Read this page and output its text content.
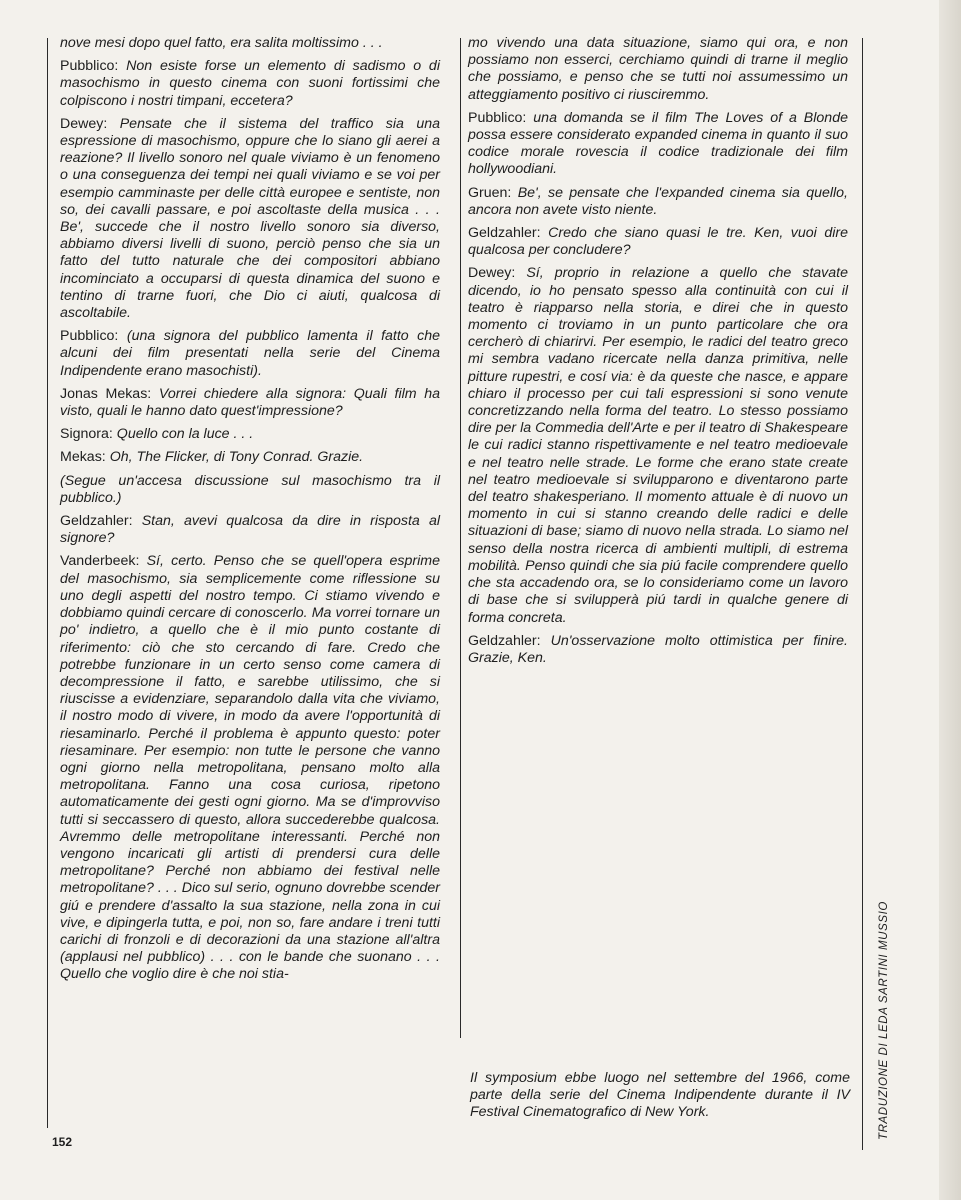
nove mesi dopo quel fatto, era salita moltissimo . . .

Pubblico: Non esiste forse un elemento di sadismo o di masochismo in questo cinema con suoni fortissimi che colpiscono i nostri timpani, eccetera?

Dewey: Pensate che il sistema del traffico sia una espressione di masochismo, oppure che lo siano gli aerei a reazione? Il livello sonoro nel quale viviamo è un fenomeno o una conseguenza dei tempi nei quali viviamo e se voi per esempio camminaste per delle città europee e sentiste, non so, dei cavalli passare, e poi ascoltaste della musica . . . Be', succede che il nostro livello sonoro sia diverso, abbiamo diversi livelli di suono, perciò penso che sia un fatto del tutto naturale che dei compositori abbiano incominciato a occuparsi di questa dinamica del suono e tentino di trarne fuori, che Dio ci aiuti, qualcosa di ascoltabile.

Pubblico: (una signora del pubblico lamenta il fatto che alcuni dei film presentati nella serie del Cinema Indipendente erano masochisti).

Jonas Mekas: Vorrei chiedere alla signora: Quali film ha visto, quali le hanno dato quest'impressione?

Signora: Quello con la luce . . .

Mekas: Oh, The Flicker, di Tony Conrad. Grazie.

(Segue un'accesa discussione sul masochismo tra il pubblico.)

Geldzahler: Stan, avevi qualcosa da dire in risposta al signore?

Vanderbeek: Sí, certo. Penso che se quell'opera esprime del masochismo, sia semplicemente come riflessione su uno degli aspetti del nostro tempo. Ci stiamo vivendo e dobbiamo quindi cercare di conoscerlo. Ma vorrei tornare un po' indietro, a quello che è il mio punto costante di riferimento: ciò che sto cercando di fare. Credo che potrebbe funzionare in un certo senso come camera di decompressione il fatto, e sarebbe utilissimo, che si riuscisse a evidenziare, separandolo dalla vita che viviamo, il nostro modo di vivere, in modo da avere l'opportunità di riesaminarlo. Perché il problema è appunto questo: poter riesaminare. Per esempio: non tutte le persone che vanno ogni giorno nella metropolitana, pensano molto alla metropolitana. Fanno una cosa curiosa, ripetono automaticamente dei gesti ogni giorno. Ma se d'improvviso tutti si seccassero di questo, allora succederebbe qualcosa. Avremmo delle metropolitane interessanti. Perché non vengono incaricati gli artisti di prendersi cura delle metropolitane? Perché non abbiamo dei festival nelle metropolitane? . . . Dico sul serio, ognuno dovrebbe scender giú e prendere d'assalto la sua stazione, nella zona in cui vive, e dipingerla tutta, e poi, non so, fare andare i treni tutti carichi di fronzoli e di decorazioni da una stazione all'altra (applausi nel pubblico) . . . con le bande che suonano . . . Quello che voglio dire è che noi stia-

mo vivendo una data situazione, siamo qui ora, e non possiamo non esserci, cerchiamo quindi di trarne il meglio che possiamo, e penso che se tutti noi assumessimo un atteggiamento positivo ci riusciremmo.

Pubblico: una domanda se il film The Loves of a Blonde possa essere considerato expanded cinema in quanto il suo codice morale rovescia il codice tradizionale dei film hollywoodiani.

Gruen: Be', se pensate che l'expanded cinema sia quello, ancora non avete visto niente.

Geldzahler: Credo che siano quasi le tre. Ken, vuoi dire qualcosa per concludere?

Dewey: Sí, proprio in relazione a quello che stavate dicendo, io ho pensato spesso alla continuità con cui il teatro è riapparso nella storia, e direi che in questo momento ci troviamo in un punto particolare che ora cercherò di chiarirvi. Per esempio, le radici del teatro greco mi sembra vadano ricercate nella danza primitiva, nelle pitture rupestri, e cosí via: è da queste che nasce, e appare chiaro il processo per cui tali espressioni si sono venute concretizzando nella forma del teatro. Lo stesso possiamo dire per la Commedia dell'Arte e per il teatro di Shakespeare le cui radici stanno rispettivamente e nel teatro medioevale e nel teatro nelle strade. Le forme che erano state create nel teatro medioevale si svilupparono e diventarono parte del teatro shakesperiano. Il momento attuale è di nuovo un momento in cui si stanno creando delle radici e delle situazioni di base; siamo di nuovo nella strada. Lo siamo nel senso della nostra ricerca di ambienti multipli, di estrema mobilità. Penso quindi che sia piú facile comprendere quello che sta accadendo ora, se lo consideriamo come un lavoro di base che si svilupperà piú tardi in qualche genere di forma concreta.

Geldzahler: Un'osservazione molto ottimistica per finire. Grazie, Ken.

Il symposium ebbe luogo nel settembre del 1966, come parte della serie del Cinema Indipendente durante il IV Festival Cinematografico di New York.	TRADUZIONE DI LEDA SARTINI MUSSIO
152
